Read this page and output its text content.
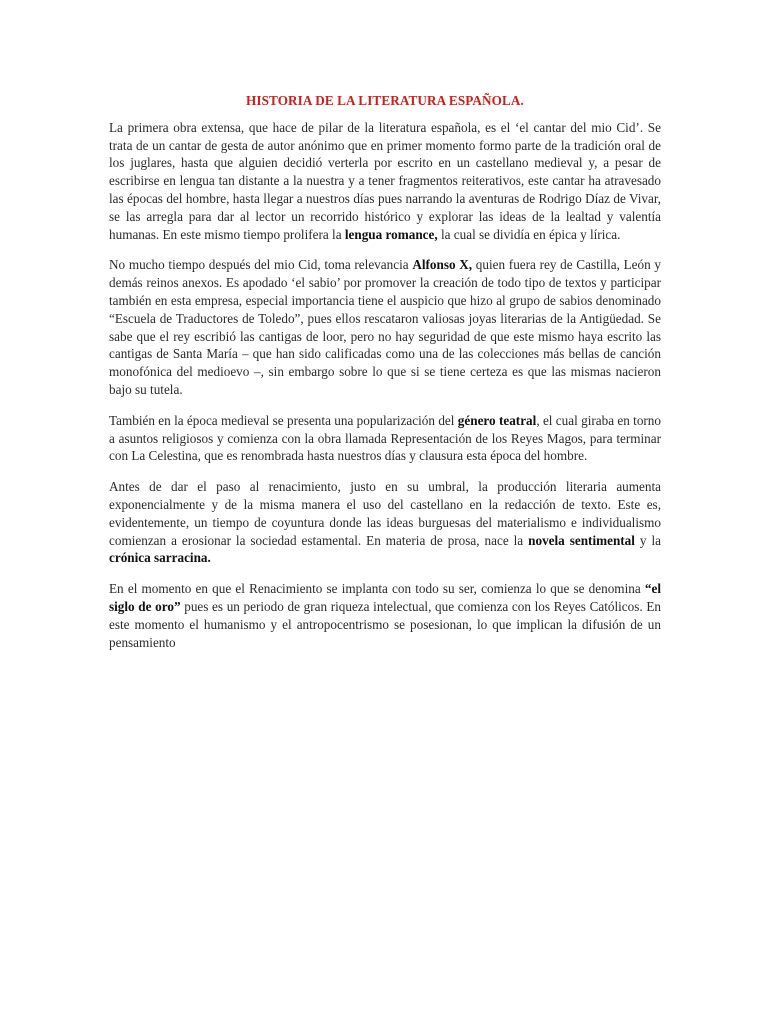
HISTORIA DE LA LITERATURA ESPAÑOLA.

La primera obra extensa, que hace de pilar de la literatura española, es el ‘el cantar del mio Cid’. Se trata de un cantar de gesta de autor anónimo que en primer momento formo parte de la tradición oral de los juglares, hasta que alguien decidió verterla por escrito en un castellano medieval y, a pesar de escribirse en lengua tan distante a la nuestra y a tener fragmentos reiterativos, este cantar ha atravesado las épocas del hombre, hasta llegar a nuestros días pues narrando la aventuras de Rodrigo Díaz de Vivar, se las arregla para dar al lector un recorrido histórico y explorar las ideas de la lealtad y valentía humanas. En este mismo tiempo prolifera la lengua romance, la cual se dividía en épica y lírica.

No mucho tiempo después del mio Cid, toma relevancia Alfonso X, quien fuera rey de Castilla, León y demás reinos anexos. Es apodado ‘el sabio’ por promover la creación de todo tipo de textos y participar también en esta empresa, especial importancia tiene el auspicio que hizo al grupo de sabios denominado “Escuela de Traductores de Toledo”, pues ellos rescataron valiosas joyas literarias de la Antigüedad. Se sabe que el rey escribió las cantigas de loor, pero no hay seguridad de que este mismo haya escrito las cantigas de Santa María – que han sido calificadas como una de las colecciones más bellas de canción monofónica del medioevo –, sin embargo sobre lo que si se tiene certeza es que las mismas nacieron bajo su tutela.

También en la época medieval se presenta una popularización del género teatral, el cual giraba en torno a asuntos religiosos y comienza con la obra llamada Representación de los Reyes Magos, para terminar con La Celestina, que es renombrada hasta nuestros días y clausura esta época del hombre.

Antes de dar el paso al renacimiento, justo en su umbral, la producción literaria aumenta exponencialmente y de la misma manera el uso del castellano en la redacción de texto. Este es, evidentemente, un tiempo de coyuntura donde las ideas burguesas del materialismo e individualismo comienzan a erosionar la sociedad estamental. En materia de prosa, nace la novela sentimental y la crónica sarracina.

En el momento en que el Renacimiento se implanta con todo su ser, comienza lo que se denomina “el siglo de oro” pues es un periodo de gran riqueza intelectual, que comienza con los Reyes Católicos. En este momento el humanismo y el antropocentrismo se posesionan, lo que implican la difusión de un pensamiento
